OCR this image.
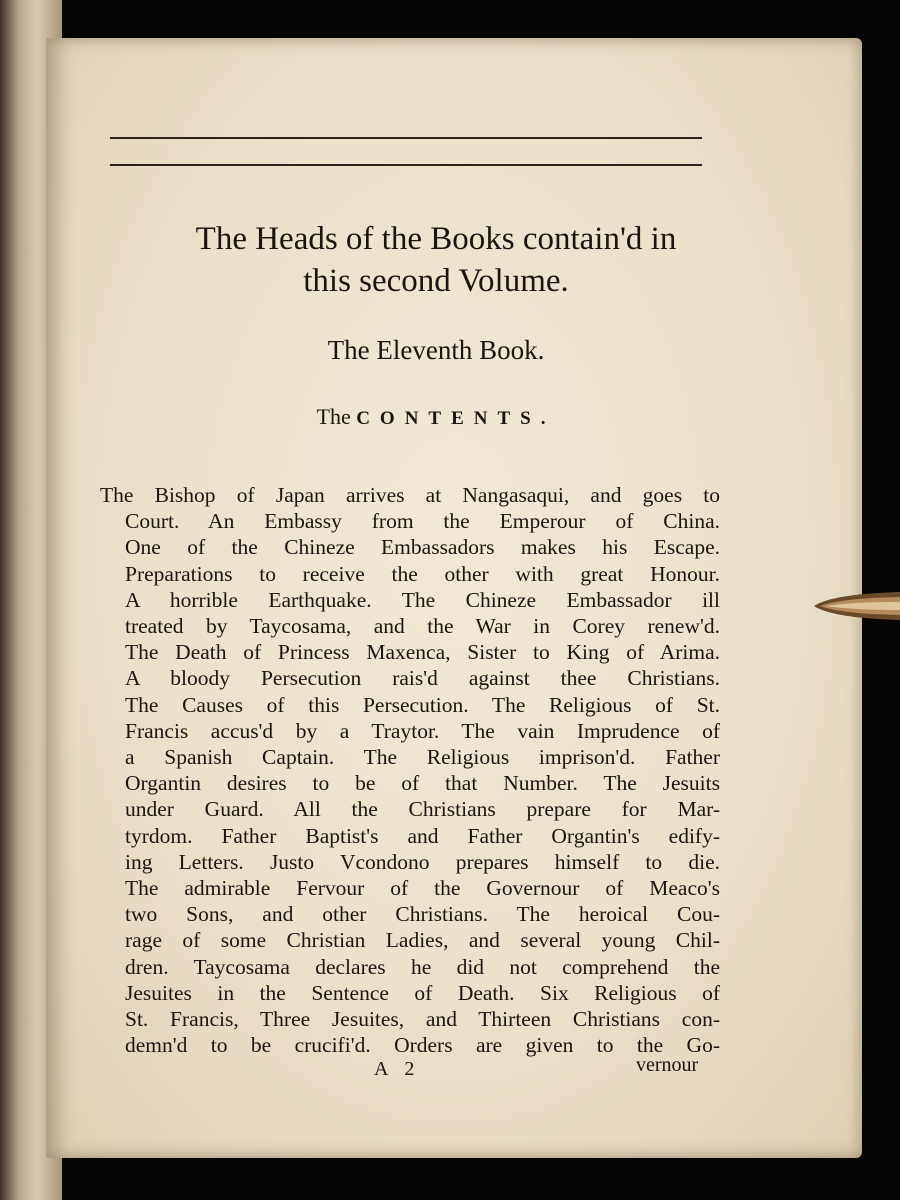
The Heads of the Books contain'd in
this second Volume.
The Eleventh Book.
The CONTENTS.
The Bishop of Japan arrives at Nangasaqui, and goes to
Court. An Embassy from the Emperour of China.
One of the Chineze Embassadors makes his Escape.
Preparations to receive the other with great Honour.
A horrible Earthquake. The Chineze Embassador ill
treated by Taycosama, and the War in Corey renew'd.
The Death of Princess Maxenca, Sister to King of Arima.
A bloody Persecution rais'd against thee Christians.
The Causes of this Persecution. The Religious of St.
Francis accus'd by a Traytor. The vain Imprudence of
a Spanish Captain. The Religious imprison'd. Father
Organtin desires to be of that Number. The Jesuits
under Guard. All the Christians prepare for Mar-
tyrdom. Father Baptist's and Father Organtin's edify-
ing Letters. Justo Vcondono prepares himself to die.
The admirable Fervour of the Governour of Meaco's
two Sons, and other Christians. The heroical Cou-
rage of some Christian Ladies, and several young Chil-
dren. Taycosama declares he did not comprehend the
Jesuites in the Sentence of Death. Six Religious of
St. Francis, Three Jesuites, and Thirteen Christians con-
demn'd to be crucifi'd. Orders are given to the Go-
A 2	vernour
